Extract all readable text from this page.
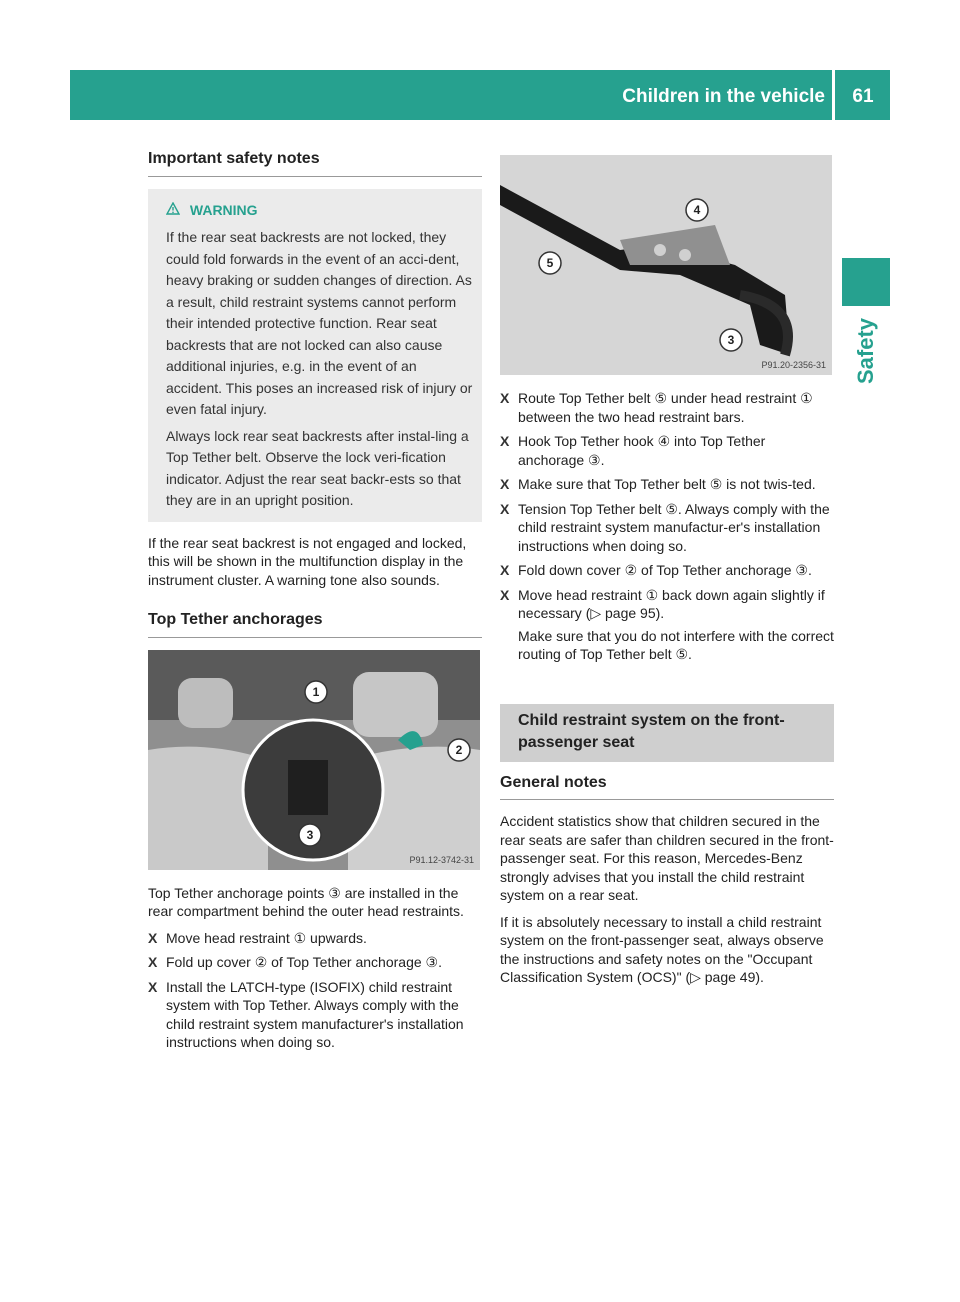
Children in the vehicle	61
Safety
Important safety notes
WARNING

If the rear seat backrests are not locked, they could fold forwards in the event of an acci-dent, heavy braking or sudden changes of direction. As a result, child restraint systems cannot perform their intended protective function. Rear seat backrests that are not locked can also cause additional injuries, e.g. in the event of an accident. This poses an increased risk of injury or even fatal injury.

Always lock rear seat backrests after instal-ling a Top Tether belt. Observe the lock veri-fication indicator. Adjust the rear seat backr-ests so that they are in an upright position.

If the rear seat backrest is not engaged and locked, this will be shown in the multifunction display in the instrument cluster. A warning tone also sounds.

Top Tether anchorages
1
2
3
P91.12-3742-31

Top Tether anchorage points ③ are installed in the rear compartment behind the outer head restraints.

X Move head restraint ① upwards.
X Fold up cover ② of Top Tether anchorage ③.
X Install the LATCH-type (ISOFIX) child restraint system with Top Tether. Always comply with the child restraint system manufacturer's installation instructions when doing so.
4
5
3
P91.20-2356-31
X Route Top Tether belt ⑤ under head restraint ① between the two head restraint bars.
X Hook Top Tether hook ④ into Top Tether anchorage ③.
X Make sure that Top Tether belt ⑤ is not twis-ted.
X Tension Top Tether belt ⑤. Always comply with the child restraint system manufactur-er's installation instructions when doing so.
X Fold down cover ② of Top Tether anchorage ③.
X Move head restraint ① back down again slightly if necessary (▷ page 95).

Make sure that you do not interfere with the correct routing of Top Tether belt ⑤.

Child restraint system on the front-passenger seat
General notes

Accident statistics show that children secured in the rear seats are safer than children secured in the front-passenger seat. For this reason, Mercedes-Benz strongly advises that you install the child restraint system on a rear seat.

If it is absolutely necessary to install a child restraint system on the front-passenger seat, always observe the instructions and safety notes on the "Occupant Classification System (OCS)" (▷ page 49).
